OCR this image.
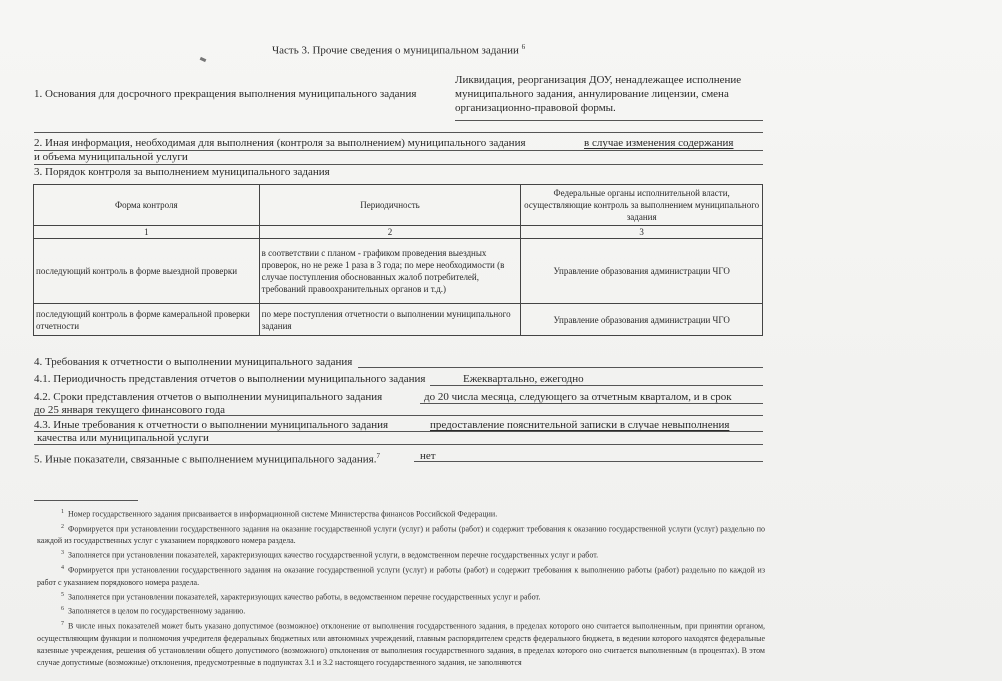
Часть 3. Прочие сведения о муниципальном задании $^6$
1. Основания для досрочного прекращения выполнения муниципального задания
Ликвидация, реорганизация ДОУ, ненадлежащее исполнение
муниципального задания, аннулирование лицензии, смена
организационно-правовой формы.
2. Иная информация, необходимая для выполнения (контроля за выполнением) муниципального задания	в случае изменения содержания
и объема муниципальной услуги
3. Порядок контроля за выполнением муниципального задания
Форма контроля	Периодичность	Федеральные органы исполнительной власти, осуществляющие контроль за выполнением муниципального задания
1	2	3
последующий контроль в форме выездной проверки	в соответствии с планом - графиком проведения выездных проверок, но не реже 1 раза в 3 года; по мере необходимости (в случае поступления обоснованных жалоб потребителей, требований правоохранительных органов и т.д.)	Управление образования администрации ЧГО
последующий контроль в форме камеральной проверки отчетности	по мере поступления отчетности о выполнении муниципального задания	Управление образования администрации ЧГО
4. Требования к отчетности о выполнении муниципального задания
4.1. Периодичность представления отчетов о выполнении муниципального задания	Ежеквартально, ежегодно
4.2. Сроки представления отчетов о выполнении муниципального задания	до 20 числа месяца, следующего за отчетным кварталом, и в срок
до 25 января текущего финансового года
4.3. Иные требования к отчетности о выполнении муниципального задания	предоставление пояснительной записки в случае невыполнения
качества или муниципальной услуги
5. Иные показатели, связанные с выполнением муниципального задания.$^7$	нет
$^1$ Номер государственного задания присваивается в информационной системе Министерства финансов Российской Федерации.
$^2$ Формируется при установлении государственного задания на оказание государственной услуги (услуг) и работы (работ) и содержит требования к оказанию государственной услуги (услуг) раздельно по каждой из государственных услуг с указанием порядкового номера раздела.
$^3$ Заполняется при установлении показателей, характеризующих качество государственной услуги, в ведомственном перечне государственных услуг и работ.
$^4$ Формируется при установлении государственного задания на оказание государственной услуги (услуг) и работы (работ) и содержит требования к выполнению работы (работ) раздельно по каждой из работ с указанием порядкового номера раздела.
$^5$ Заполняется при установлении показателей, характеризующих качество работы, в ведомственном перечне государственных услуг и работ.
$^6$ Заполняется в целом по государственному заданию.
$^7$ В числе иных показателей может быть указано допустимое (возможное) отклонение от выполнения государственного задания, в пределах которого оно считается выполненным, при принятии органом, осуществляющим функции и полномочия учредителя федеральных бюджетных или автономных учреждений, главным распорядителем средств федерального бюджета, в ведении которого находятся федеральные казенные учреждения, решения об установлении общего допустимого (возможного) отклонения от выполнения государственного задания, в пределах которого оно считается выполненным (в процентах). В этом случае допустимые (возможные) отклонения, предусмотренные в подпунктах 3.1 и 3.2 настоящего государственного задания, не заполняются
